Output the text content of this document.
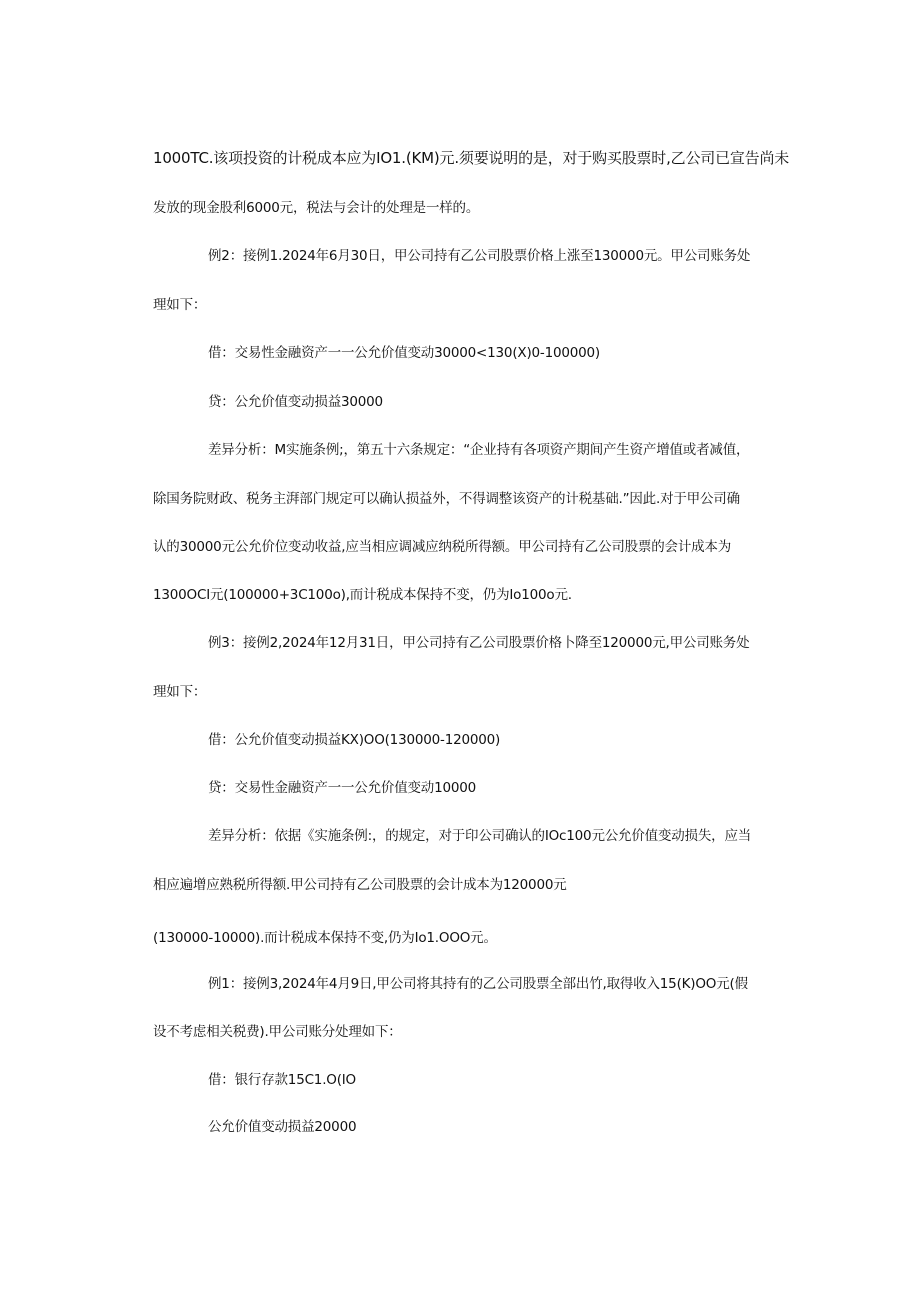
1000TC.该项投资的计税成本应为IO1.(KM)元.须要说明的是，对于购买股票时,乙公司已宣告尚未
发放的现金股利6000元，税法与会计的处理是一样的。
例2：接例1.2024年6月30日，甲公司持有乙公司股票价格上涨至130000元。甲公司账务处
理如下：
借：交易性金融资产一一公允价值变动30000<130(X)0-100000)
贷：公允价值变动损益30000
差异分析：M实施条例;，第五十六条规定：“企业持有各项资产期间产生资产增值或者减值，
除国务院财政、税务主湃部门规定可以确认损益外，不得调整该资产的计税基础.”因此.对于甲公司确
认的30000元公允价位变动收益,应当相应调减应纳税所得额。甲公司持有乙公司股票的会计成本为
1300OCI元(100000+3C100o),而计税成本保持不变，仍为Io100o元.
例3：接例2,2024年12月31日，甲公司持有乙公司股票价格卜降至120000元,甲公司账务处
理如下：
借：公允价值变动损益KX)OO(130000-120000)
贷：交易性金融资产一一公允价值变动10000
差异分析：依据《实施条例:，的规定，对于印公司确认的IOc100元公允价值变动损失，应当
相应遍增应熟税所得额.甲公司持有乙公司股票的会计成本为120000元
(130000-10000).而计税成本保持不变,仍为Io1.OOO元。
例1：接例3,2024年4月9日,甲公司将其持有的乙公司股票全部出竹,取得收入15(K)OO元(假
设不考虑相关税费).甲公司账分处理如下：
借：银行存款15C1.O(IO
公允价值变动损益20000
